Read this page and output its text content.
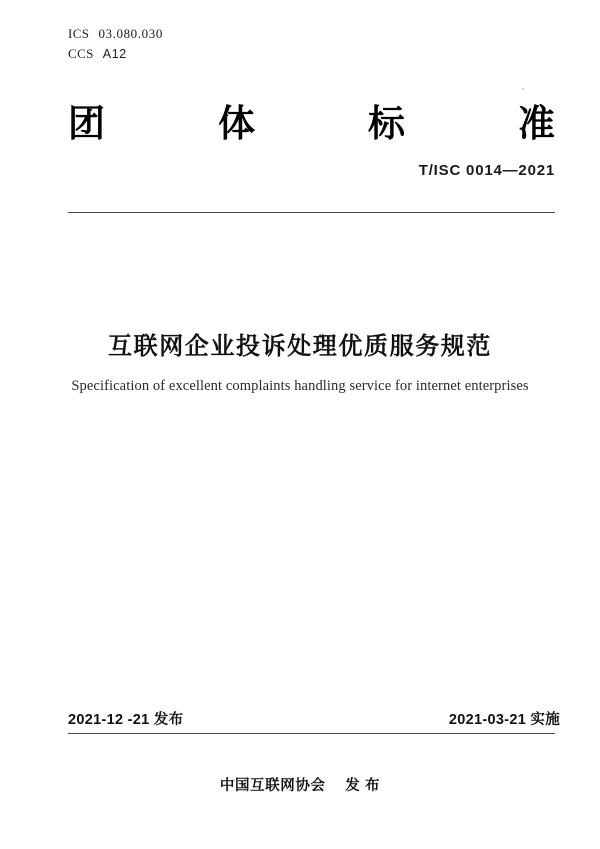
ICS 03.080.030
CCS A12
团	体	标	准
T/ISC 0014—2021
互联网企业投诉处理优质服务规范
Specification of excellent complaints handling service for internet enterprises
2021-12 -21 发布	2021-03-21 实施
中国互联网协会　 发 布
